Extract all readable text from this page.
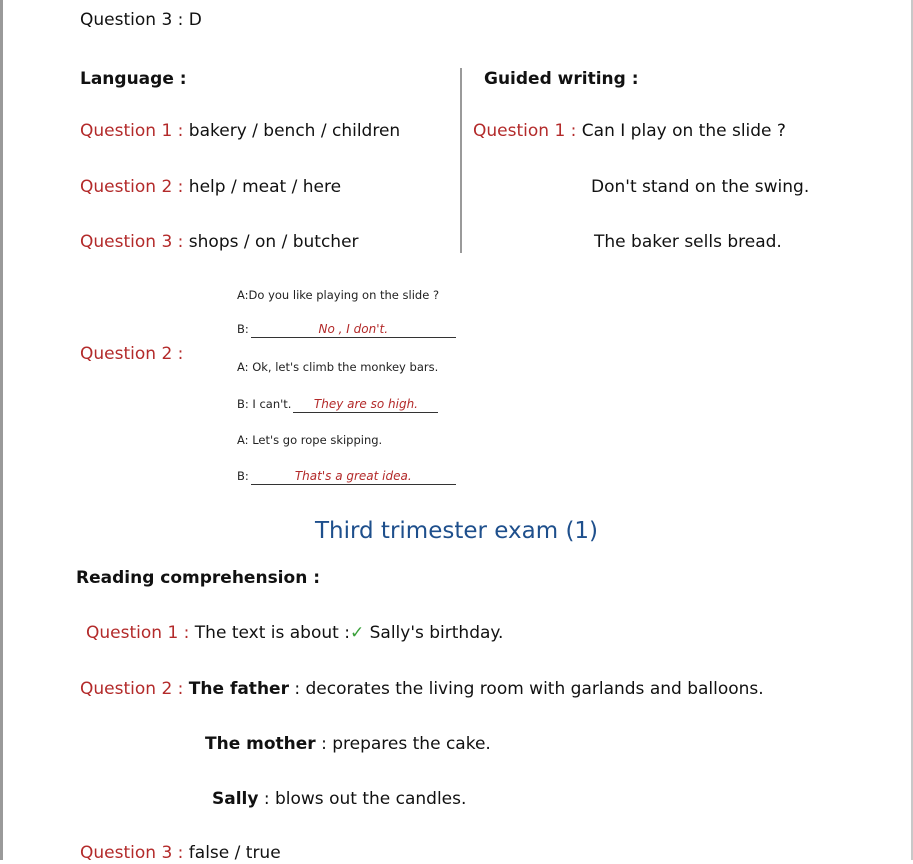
Question 3 : D
Language :
Question 1 : bakery / bench / children
Question 2 : help / meat / here
Question 3 : shops / on / butcher
Guided writing :
Question 1 : Can I play on the slide ?
Don't stand on the swing.
The baker sells bread.
Question 2 :
A:Do you like playing on the slide ?
B:	No , I don't.
A: Ok, let's climb the monkey bars.
B: I can't. They are so high.
A: Let's go rope skipping.
B:	That's a great idea.
Third trimester exam (1)
Reading comprehension :
Question 1 : The text is about :✓ Sally's birthday.
Question 2 : The father : decorates the living room with garlands and balloons.
The mother : prepares the cake.
Sally : blows out the candles.
Question 3 : false / true
